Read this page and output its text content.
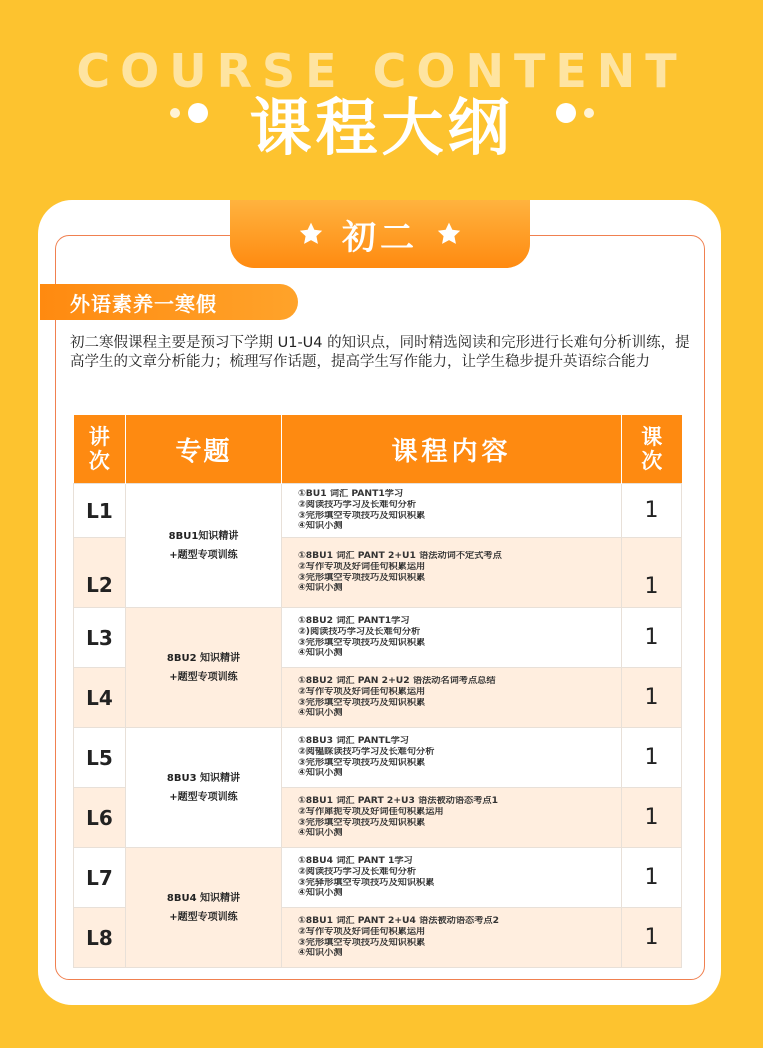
COURSE CONTENT
课程大纲
初二
外语素养一寒假
初二寒假课程主要是预习下学期 U1-U4 的知识点，同时精选阅读和完形进行长难句分析训练，提高学生的文章分析能力；梳理写作话题，提高学生写作能力，让学生稳步提升英语综合能力
讲次	专题	课程内容	课次

L1	8BU1知识精讲
+题型专项训练	①BU1 词汇 PANT1学习
②阅读技巧学习及长难句分析
③完形填空专项技巧及知识积累
④知识小测	1
L2		①8BU1 词汇 PANT 2+U1 语法动词不定式考点
②写作专项及好词佳句积累运用
③完形填空专项技巧及知识积累
④知识小测	1
L3	8BU2 知识精讲
+题型专项训练	①8BU2 词汇 PANT1学习
②)阅读技巧学习及长难句分析
③完形填空专项技巧及知识积累
④知识小测	1
L4		①8BU2 词汇 PAN 2+U2 语法动名词考点总结
②写作专项及好词佳句积累运用
③完形填空专项技巧及知识积累
④知识小测	1
L5	8BU3 知识精讲
+题型专项训练	①8BU3 词汇 PANTL学习
②阅韫睬读技巧学习及长难句分析
③完形填空专项技巧及知识积累
④知识小测	1
L6		①8BU1 词汇 PART 2+U3 语法被动语态考点1
②写作犀扼专项及好词佳句积累运用
③完形填空专项技巧及知识积累
④知识小测	1
L7	8BU4 知识精讲
+题型专项训练	①8BU4 词汇 PANT 1学习
②阅读技巧学习及长难句分析
③完驿形填空专项技巧及知识积累
④知识小测	1
L8		①8BU1 词汇 PANT 2+U4 语法被动语态考点2
②写作专项及好词佳句积累运用
③完形填空专项技巧及知识积累
④知识小测	1
